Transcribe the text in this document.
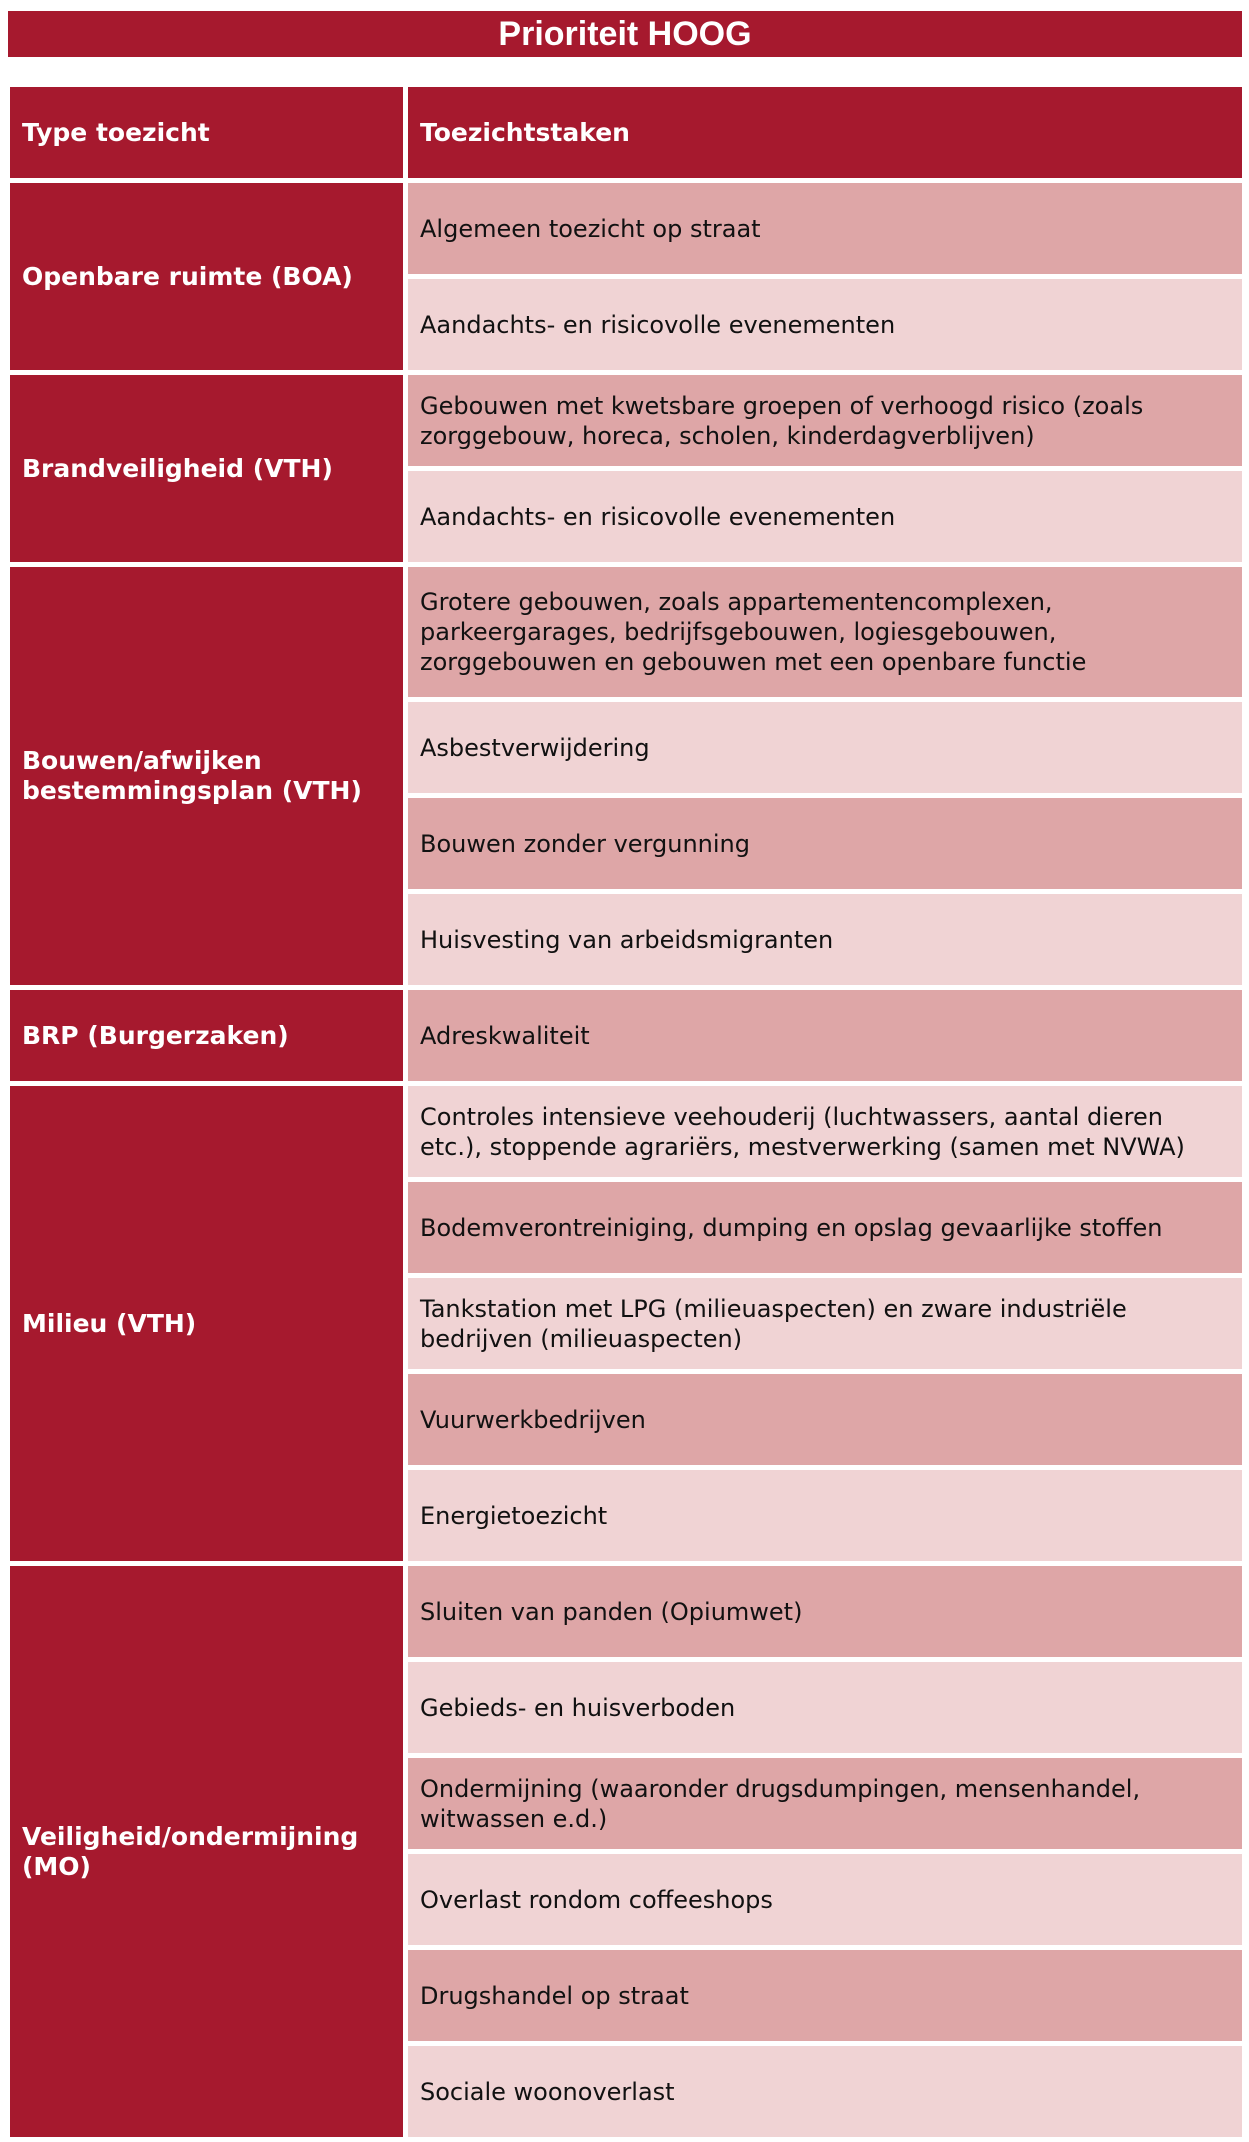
Prioriteit HOOG
Type toezicht	Toezichtstaken
Openbare ruimte (BOA)
Algemeen toezicht op straat
Aandachts- en risicovolle evenementen
Brandveiligheid (VTH)
Gebouwen met kwetsbare groepen of verhoogd risico (zoals zorggebouw, horeca, scholen, kinderdagverblijven)
Aandachts- en risicovolle evenementen
Bouwen/afwijken bestemmingsplan (VTH)
Grotere gebouwen, zoals appartementencomplexen, parkeergarages, bedrijfsgebouwen, logiesgebouwen, zorggebouwen en gebouwen met een openbare functie
Asbestverwijdering
Bouwen zonder vergunning
Huisvesting van arbeidsmigranten
BRP (Burgerzaken)	Adreskwaliteit
Milieu (VTH)
Controles intensieve veehouderij (luchtwassers, aantal dieren etc.), stoppende agrariërs, mestverwerking (samen met NVWA)
Bodemverontreiniging, dumping en opslag gevaarlijke stoffen
Tankstation met LPG (milieuaspecten) en zware industriële bedrijven (milieuaspecten)
Vuurwerkbedrijven
Energietoezicht
Veiligheid/ondermijning (MO)
Sluiten van panden (Opiumwet)
Gebieds- en huisverboden
Ondermijning (waaronder drugsdumpingen, mensenhandel, witwassen e.d.)
Overlast rondom coffeeshops
Drugshandel op straat
Sociale woonoverlast
